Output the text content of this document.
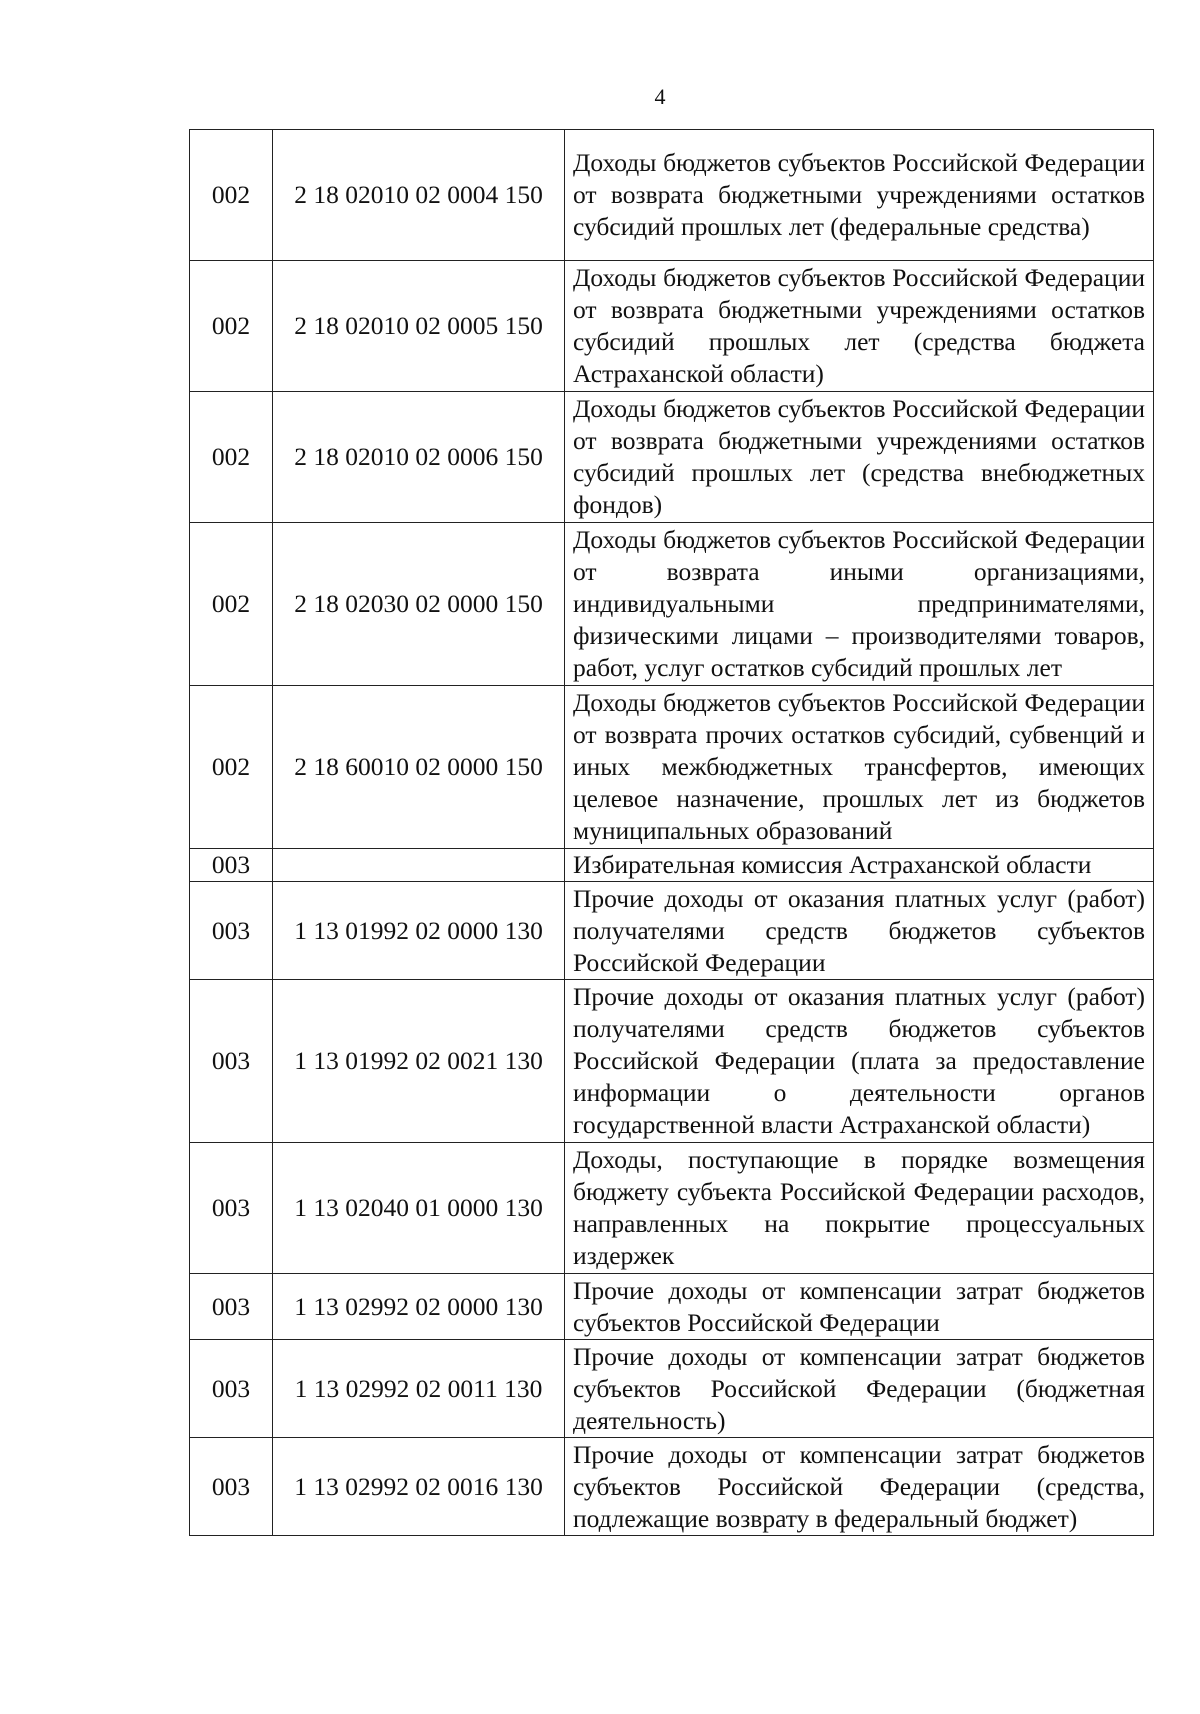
4
002	2 18 02010 02 0004 150	Доходы бюджетов субъектов Российской Федерации от возврата бюджетными учреждениями остатков субсидий прошлых лет (федеральные средства)
002	2 18 02010 02 0005 150	Доходы бюджетов субъектов Российской Федерации от возврата бюджетными учреждениями остатков субсидий прошлых лет (средства бюджета Астраханской области)
002	2 18 02010 02 0006 150	Доходы бюджетов субъектов Российской Федерации от возврата бюджетными учреждениями остатков субсидий прошлых лет (средства внебюджетных фондов)
002	2 18 02030 02 0000 150	Доходы бюджетов субъектов Российской Федерации от возврата иными организациями, индивидуальными предпринимателями, физическими лицами – производителями товаров, работ, услуг остатков субсидий прошлых лет
002	2 18 60010 02 0000 150	Доходы бюджетов субъектов Российской Федерации от возврата прочих остатков субсидий, субвенций и иных межбюджетных трансфертов, имеющих целевое назначение, прошлых лет из бюджетов муниципальных образований
003		Избирательная комиссия Астраханской области
003	1 13 01992 02 0000 130	Прочие доходы от оказания платных услуг (работ) получателями средств бюджетов субъектов Российской Федерации
003	1 13 01992 02 0021 130	Прочие доходы от оказания платных услуг (работ) получателями средств бюджетов субъектов Российской Федерации (плата за предоставление информации о деятельности органов государственной власти Астраханской области)
003	1 13 02040 01 0000 130	Доходы, поступающие в порядке возмещения бюджету субъекта Российской Федерации расходов, направленных на покрытие процессуальных издержек
003	1 13 02992 02 0000 130	Прочие доходы от компенсации затрат бюджетов субъектов Российской Федерации
003	1 13 02992 02 0011 130	Прочие доходы от компенсации затрат бюджетов субъектов Российской Федерации (бюджетная деятельность)
003	1 13 02992 02 0016 130	Прочие доходы от компенсации затрат бюджетов субъектов Российской Федерации (средства, подлежащие возврату в федеральный бюджет)
